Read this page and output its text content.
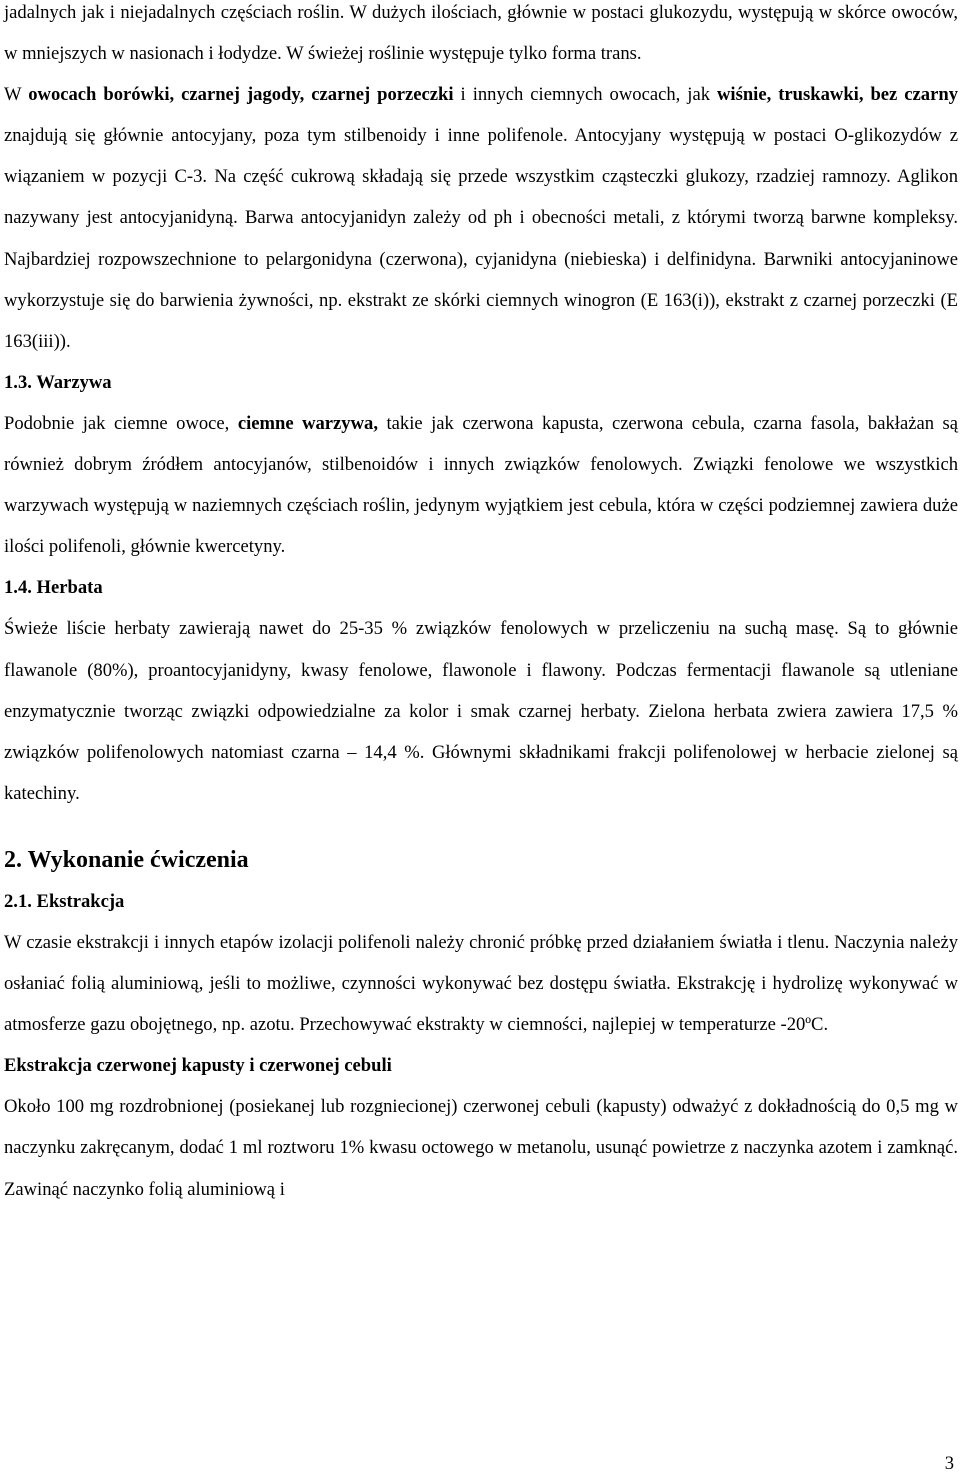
jadalnych jak i niejadalnych częściach roślin. W dużych ilościach, głównie w postaci glukozydu, występują w skórce owoców, w mniejszych w nasionach i łodydze. W świeżej roślinie występuje tylko forma trans.

W owocach borówki, czarnej jagody, czarnej porzeczki i innych ciemnych owocach, jak wiśnie, truskawki, bez czarny znajdują się głównie antocyjany, poza tym stilbenoidy i inne polifenole. Antocyjany występują w postaci O-glikozydów z wiązaniem w pozycji C-3. Na część cukrową składają się przede wszystkim cząsteczki glukozy, rzadziej ramnozy. Aglikon nazywany jest antocyjanidyną. Barwa antocyjanidyn zależy od ph i obecności metali, z którymi tworzą barwne kompleksy. Najbardziej rozpowszechnione to pelargonidyna (czerwona), cyjanidyna (niebieska) i delfinidyna. Barwniki antocyjaninowe wykorzystuje się do barwienia żywności, np. ekstrakt ze skórki ciemnych winogron (E 163(i)), ekstrakt z czarnej porzeczki (E 163(iii)).

1.3. Warzywa

Podobnie jak ciemne owoce, ciemne warzywa, takie jak czerwona kapusta, czerwona cebula, czarna fasola, bakłażan są również dobrym źródłem antocyjanów, stilbenoidów i innych związków fenolowych. Związki fenolowe we wszystkich warzywach występują w naziemnych częściach roślin, jedynym wyjątkiem jest cebula, która w części podziemnej zawiera duże ilości polifenoli, głównie kwercetyny.

1.4. Herbata

Świeże liście herbaty zawierają nawet do 25-35 % związków fenolowych w przeliczeniu na suchą masę. Są to głównie flawanole (80%), proantocyjanidyny, kwasy fenolowe, flawonole i flawony. Podczas fermentacji flawanole są utleniane enzymatycznie tworząc związki odpowiedzialne za kolor i smak czarnej herbaty. Zielona herbata zwiera zawiera 17,5 % związków polifenolowych natomiast czarna – 14,4 %. Głównymi składnikami frakcji polifenolowej w herbacie zielonej są katechiny.

2. Wykonanie ćwiczenia

2.1. Ekstrakcja

W czasie ekstrakcji i innych etapów izolacji polifenoli należy chronić próbkę przed działaniem światła i tlenu. Naczynia należy osłaniać folią aluminiową, jeśli to możliwe, czynności wykonywać bez dostępu światła. Ekstrakcję i hydrolizę wykonywać w atmosferze gazu obojętnego, np. azotu. Przechowywać ekstrakty w ciemności, najlepiej w temperaturze -20ºC.

Ekstrakcja czerwonej kapusty i czerwonej cebuli

Około 100 mg rozdrobnionej (posiekanej lub rozgniecionej) czerwonej cebuli (kapusty) odważyć z dokładnością do 0,5 mg w naczynku zakręcanym, dodać 1 ml roztworu 1% kwasu octowego w metanolu, usunąć powietrze z naczynka azotem i zamknąć. Zawinąć naczynko folią aluminiową i

3
